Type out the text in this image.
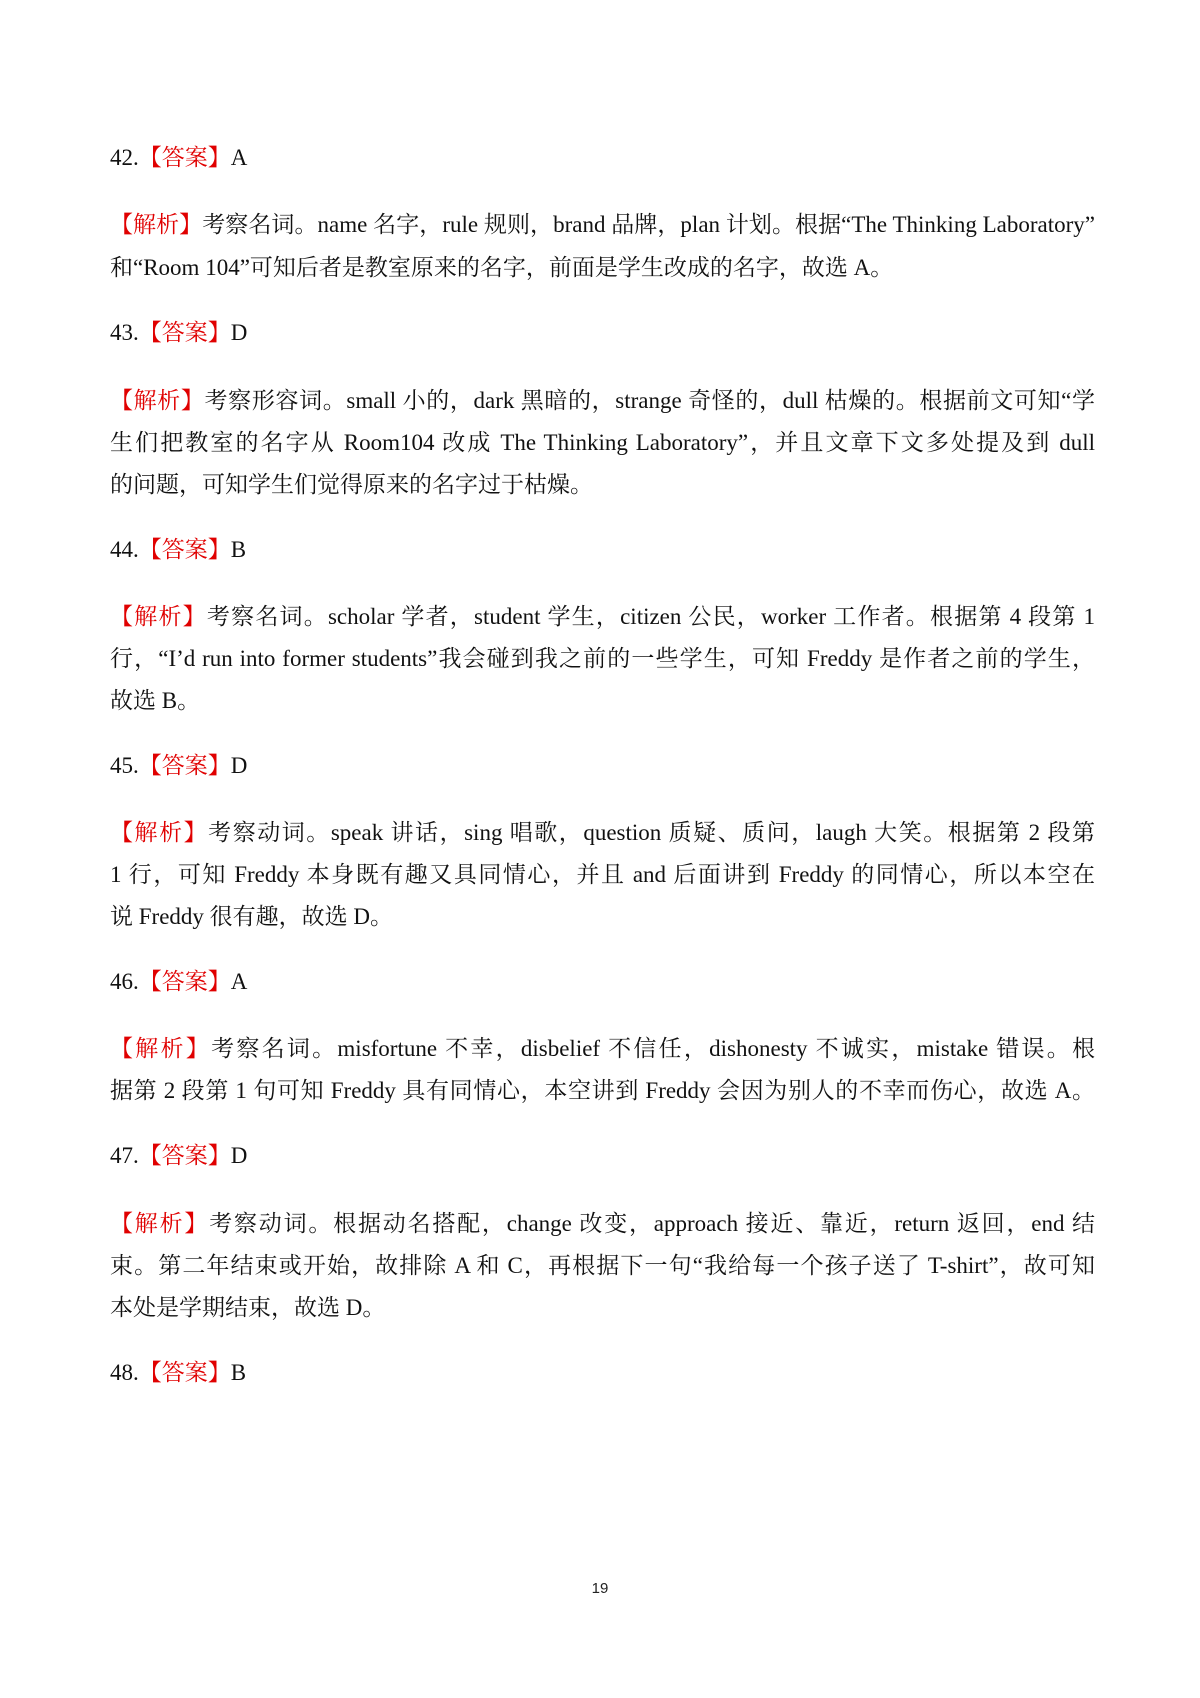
42.【答案】A
【解析】考察名词。name 名字，rule 规则，brand 品牌，plan 计划。根据“The Thinking Laboratory”
和“Room 104”可知后者是教室原来的名字，前面是学生改成的名字，故选 A。
43.【答案】D
【解析】考察形容词。small 小的，dark 黑暗的，strange 奇怪的，dull 枯燥的。根据前文可知“学
生们把教室的名字从 Room104 改成 The Thinking Laboratory”，并且文章下文多处提及到 dull
的问题，可知学生们觉得原来的名字过于枯燥。
44.【答案】B
【解析】考察名词。scholar 学者，student 学生，citizen 公民，worker 工作者。根据第 4 段第 1
行，“I’d run into former students”我会碰到我之前的一些学生，可知 Freddy 是作者之前的学生，
故选 B。
45.【答案】D
【解析】考察动词。speak 讲话，sing 唱歌，question 质疑、质问，laugh 大笑。根据第 2 段第
1 行，可知 Freddy 本身既有趣又具同情心，并且 and 后面讲到 Freddy 的同情心，所以本空在
说 Freddy 很有趣，故选 D。
46.【答案】A
【解析】考察名词。misfortune 不幸，disbelief 不信任，dishonesty 不诚实，mistake 错误。根
据第 2 段第 1 句可知 Freddy 具有同情心，本空讲到 Freddy 会因为别人的不幸而伤心，故选 A。
47.【答案】D
【解析】考察动词。根据动名搭配，change 改变，approach 接近、靠近，return 返回，end 结
束。第二年结束或开始，故排除 A 和 C，再根据下一句“我给每一个孩子送了 T-shirt”，故可知
本处是学期结束，故选 D。
48.【答案】B
19
